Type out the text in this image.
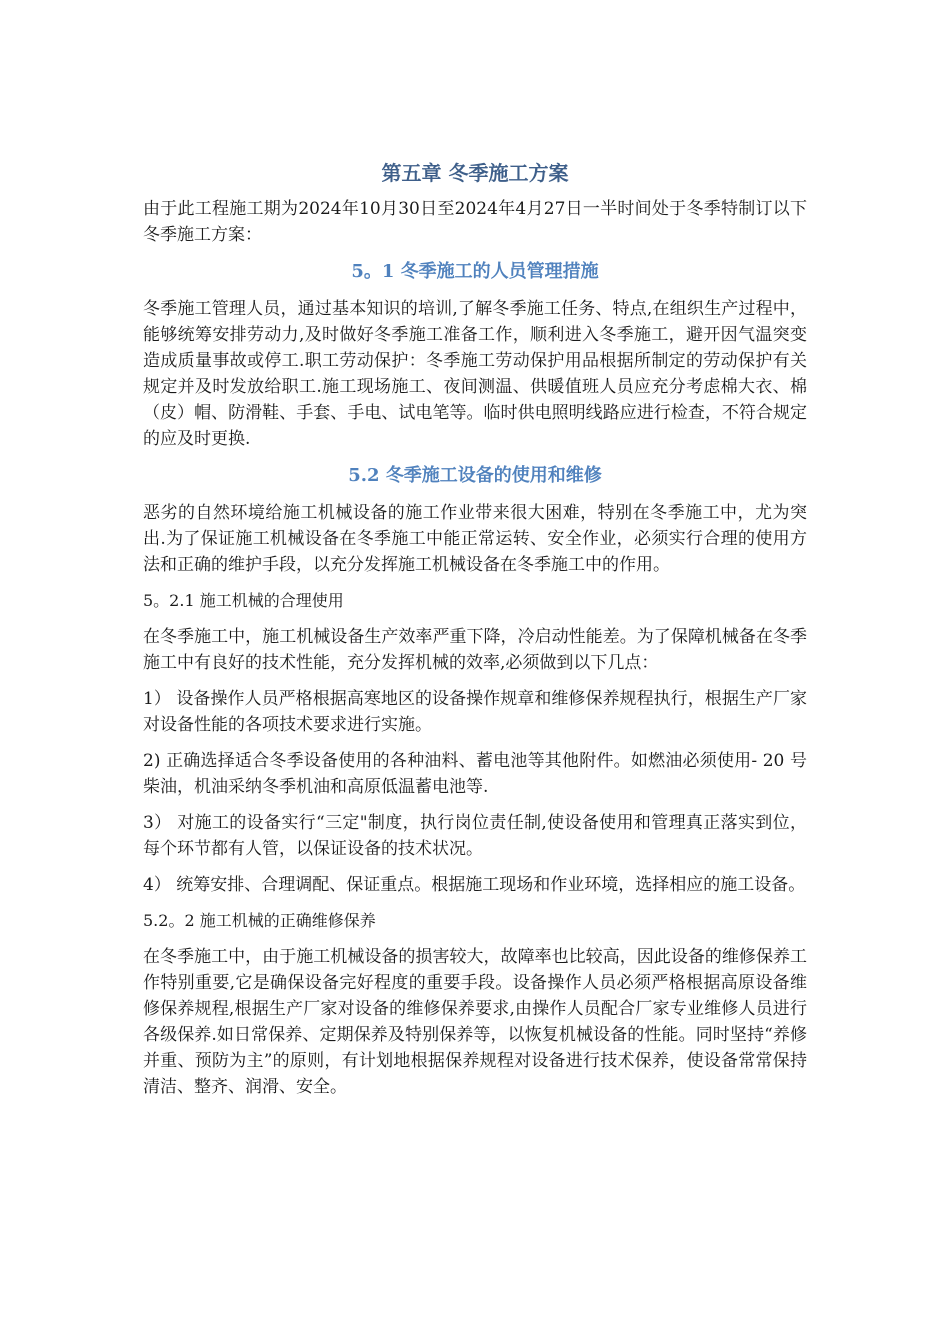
第五章 冬季施工方案

由于此工程施工期为2024年10月30日至2024年4月27日一半时间处于冬季特制订以下冬季施工方案：

5。1 冬季施工的人员管理措施

冬季施工管理人员，通过基本知识的培训,了解冬季施工任务、特点,在组织生产过程中，能够统筹安排劳动力,及时做好冬季施工准备工作，顺利进入冬季施工，避开因气温突变造成质量事故或停工.职工劳动保护：冬季施工劳动保护用品根据所制定的劳动保护有关规定并及时发放给职工.施工现场施工、夜间测温、供暖值班人员应充分考虑棉大衣、棉（皮）帽、防滑鞋、手套、手电、试电笔等。临时供电照明线路应进行检查，不符合规定的应及时更换.

5.2 冬季施工设备的使用和维修

恶劣的自然环境给施工机械设备的施工作业带来很大困难，特别在冬季施工中，尤为突出.为了保证施工机械设备在冬季施工中能正常运转、安全作业，必须实行合理的使用方法和正确的维护手段，以充分发挥施工机械设备在冬季施工中的作用。

5。2.1 施工机械的合理使用

在冬季施工中，施工机械设备生产效率严重下降，冷启动性能差。为了保障机械备在冬季施工中有良好的技术性能，充分发挥机械的效率,必须做到以下几点：

1） 设备操作人员严格根据高寒地区的设备操作规章和维修保养规程执行，根据生产厂家对设备性能的各项技术要求进行实施。

2) 正确选择适合冬季设备使用的各种油料、蓄电池等其他附件。如燃油必须使用- 20 号柴油，机油采纳冬季机油和高原低温蓄电池等.

3） 对施工的设备实行“三定"制度，执行岗位责任制,使设备使用和管理真正落实到位，每个环节都有人管，以保证设备的技术状况。

4） 统筹安排、合理调配、保证重点。根据施工现场和作业环境，选择相应的施工设备。

5.2。2 施工机械的正确维修保养

在冬季施工中，由于施工机械设备的损害较大，故障率也比较高，因此设备的维修保养工作特别重要,它是确保设备完好程度的重要手段。设备操作人员必须严格根据高原设备维修保养规程,根据生产厂家对设备的维修保养要求,由操作人员配合厂家专业维修人员进行各级保养.如日常保养、定期保养及特别保养等，以恢复机械设备的性能。同时坚持“养修并重、预防为主”的原则，有计划地根据保养规程对设备进行技术保养，使设备常常保持清洁、整齐、润滑、安全。
